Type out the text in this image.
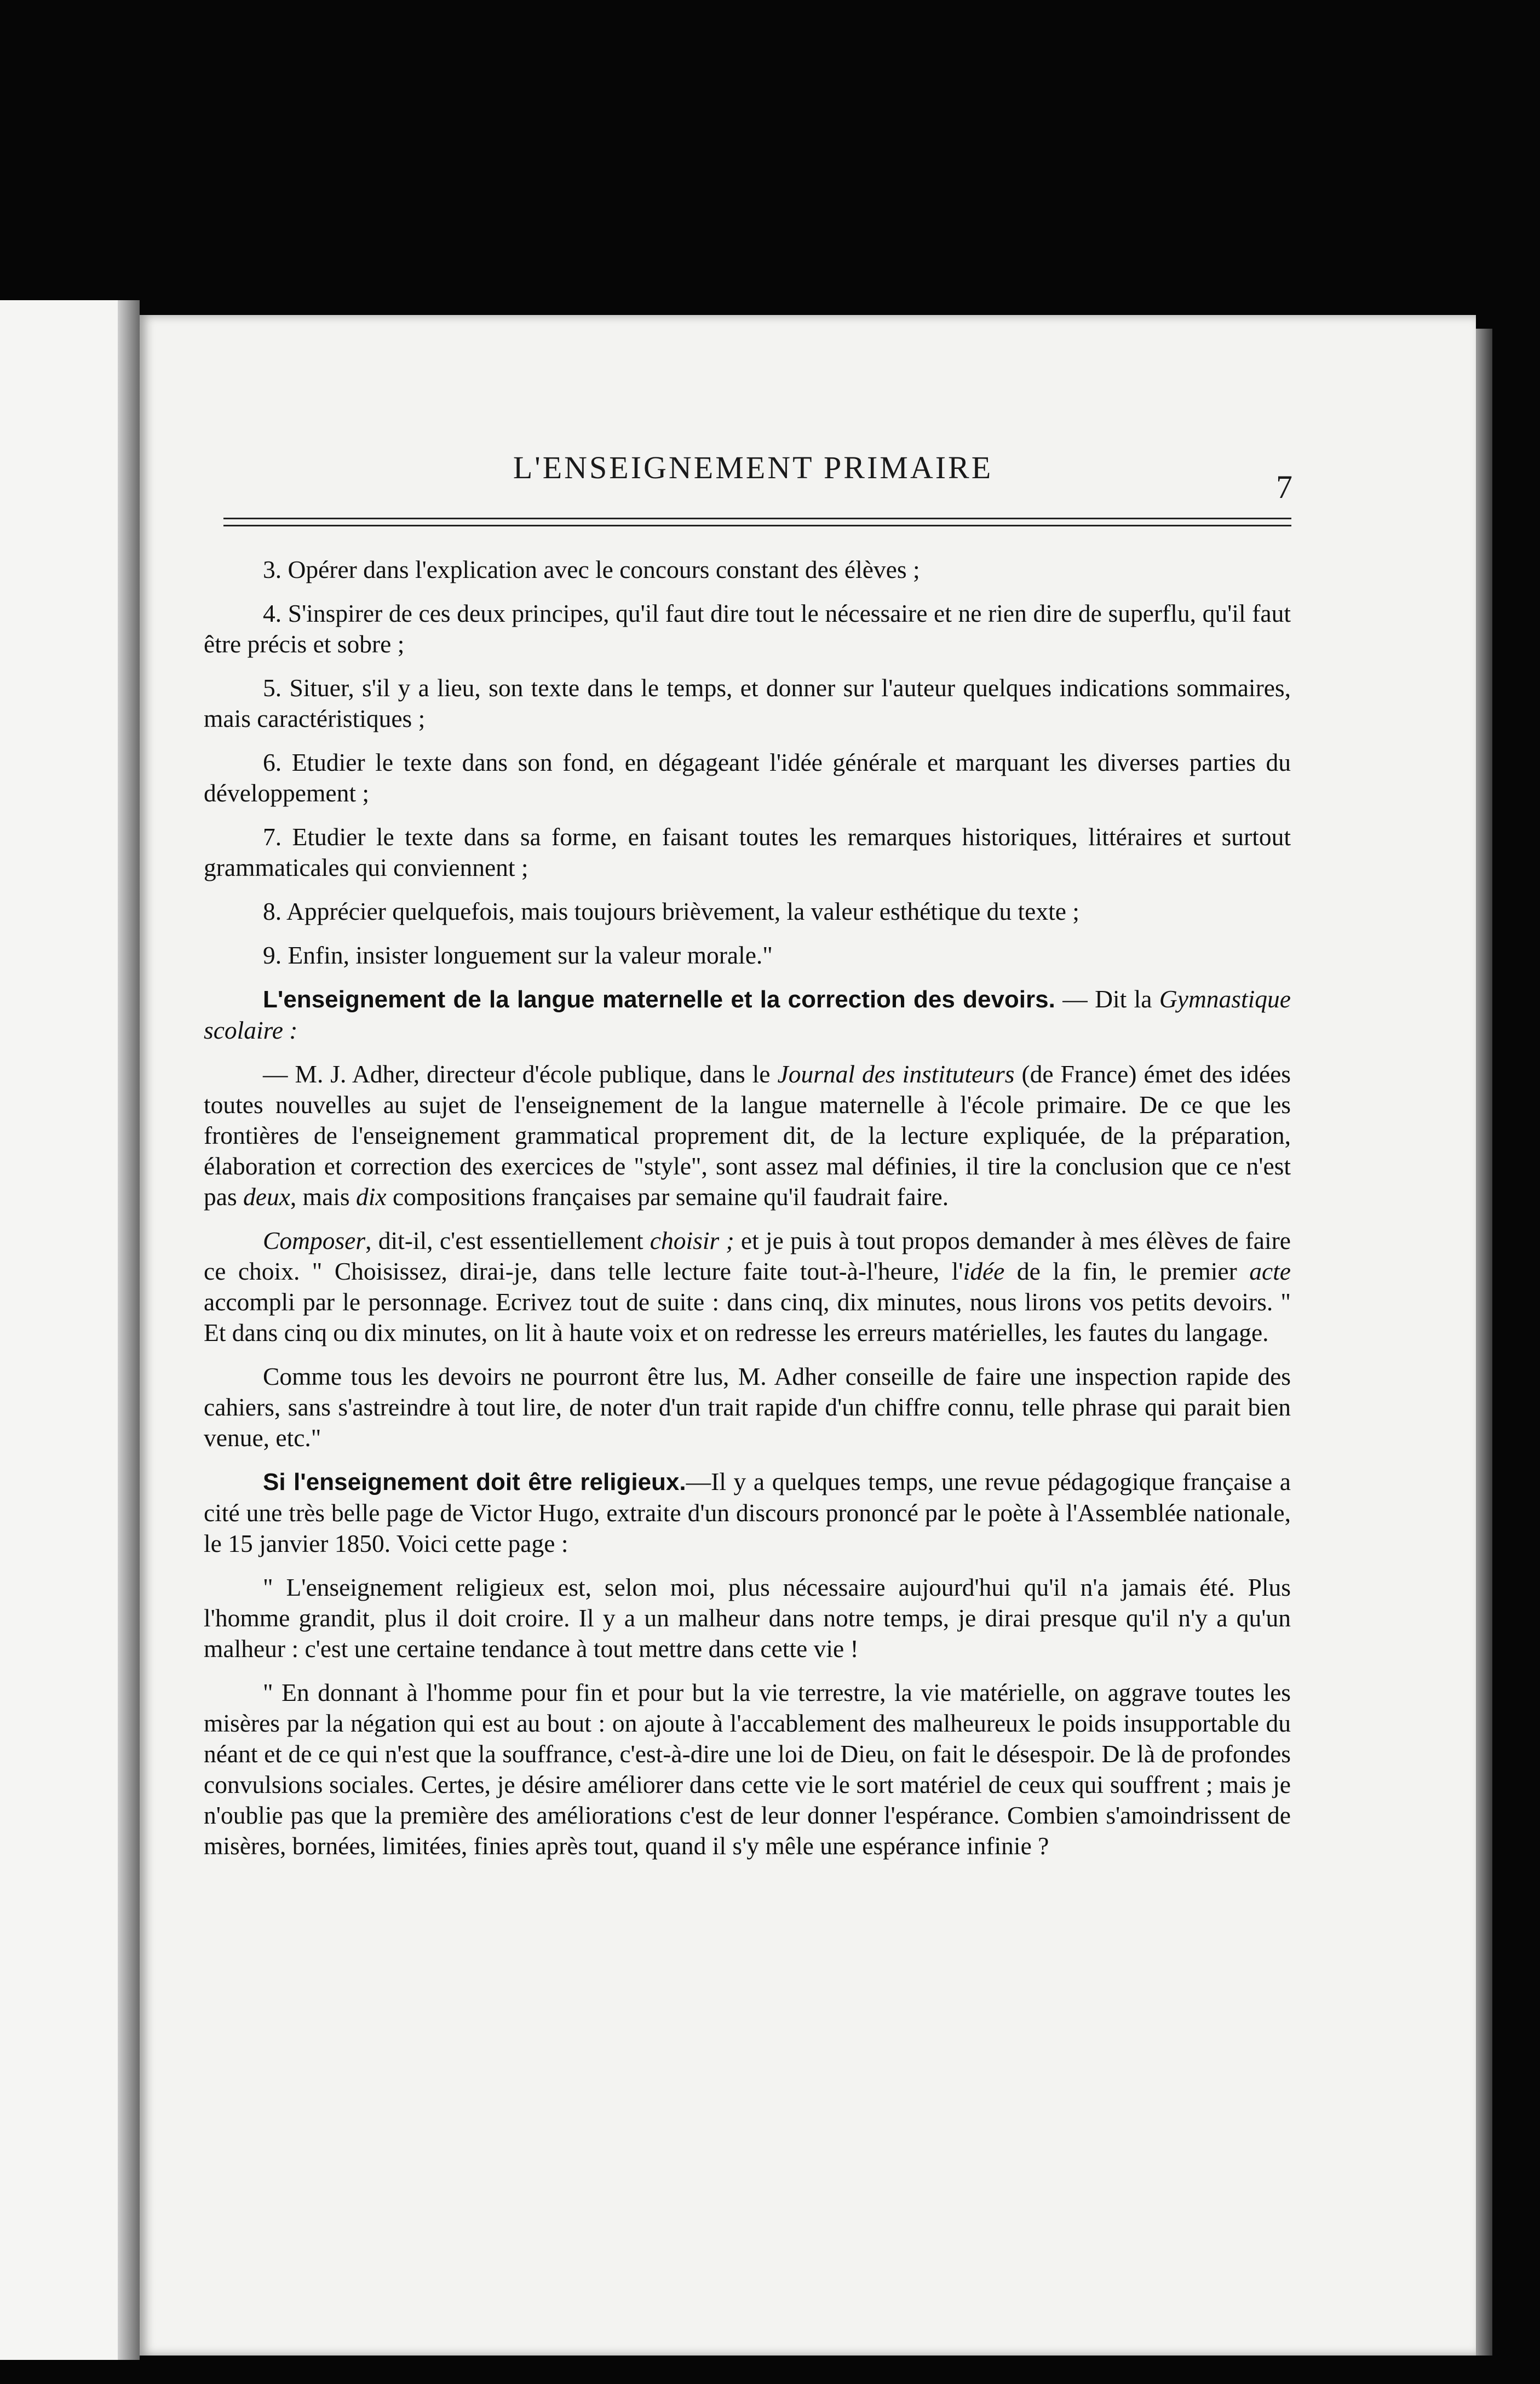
L'ENSEIGNEMENT PRIMAIRE
7

3. Opérer dans l'explication avec le concours constant des élèves ;

4. S'inspirer de ces deux principes, qu'il faut dire tout le nécessaire et ne rien dire de superflu, qu'il faut être précis et sobre ;

5. Situer, s'il y a lieu, son texte dans le temps, et donner sur l'auteur quelques indications sommaires, mais caractéristiques ;

6. Etudier le texte dans son fond, en dégageant l'idée générale et marquant les diverses parties du développement ;

7. Etudier le texte dans sa forme, en faisant toutes les remarques historiques, littéraires et surtout grammaticales qui conviennent ;

8. Apprécier quelquefois, mais toujours brièvement, la valeur esthétique du texte ;

9. Enfin, insister longuement sur la valeur morale."

L'enseignement de la langue maternelle et la correction des devoirs. — Dit la Gymnastique scolaire :

— M. J. Adher, directeur d'école publique, dans le Journal des instituteurs (de France) émet des idées toutes nouvelles au sujet de l'enseignement de la langue maternelle à l'école primaire. De ce que les frontières de l'enseignement grammatical proprement dit, de la lecture expliquée, de la préparation, élaboration et correction des exercices de "style", sont assez mal définies, il tire la conclusion que ce n'est pas deux, mais dix compositions françaises par semaine qu'il faudrait faire.

Composer, dit-il, c'est essentiellement choisir ; et je puis à tout propos demander à mes élèves de faire ce choix. " Choisissez, dirai-je, dans telle lecture faite tout-à-l'heure, l'idée de la fin, le premier acte accompli par le personnage. Ecrivez tout de suite : dans cinq, dix minutes, nous lirons vos petits devoirs. " Et dans cinq ou dix minutes, on lit à haute voix et on redresse les erreurs matérielles, les fautes du langage.

Comme tous les devoirs ne pourront être lus, M. Adher conseille de faire une inspection rapide des cahiers, sans s'astreindre à tout lire, de noter d'un trait rapide d'un chiffre connu, telle phrase qui parait bien venue, etc."

Si l'enseignement doit être religieux.—Il y a quelques temps, une revue pédagogique française a cité une très belle page de Victor Hugo, extraite d'un discours prononcé par le poète à l'Assemblée nationale, le 15 janvier 1850. Voici cette page :

" L'enseignement religieux est, selon moi, plus nécessaire aujourd'hui qu'il n'a jamais été. Plus l'homme grandit, plus il doit croire. Il y a un malheur dans notre temps, je dirai presque qu'il n'y a qu'un malheur : c'est une certaine tendance à tout mettre dans cette vie !

" En donnant à l'homme pour fin et pour but la vie terrestre, la vie matérielle, on aggrave toutes les misères par la négation qui est au bout : on ajoute à l'accablement des malheureux le poids insupportable du néant et de ce qui n'est que la souffrance, c'est-à-dire une loi de Dieu, on fait le désespoir. De là de profondes convulsions sociales. Certes, je désire améliorer dans cette vie le sort matériel de ceux qui souffrent ; mais je n'oublie pas que la première des améliorations c'est de leur donner l'espérance. Combien s'amoindrissent de misères, bornées, limitées, finies après tout, quand il s'y mêle une espérance infinie ?
